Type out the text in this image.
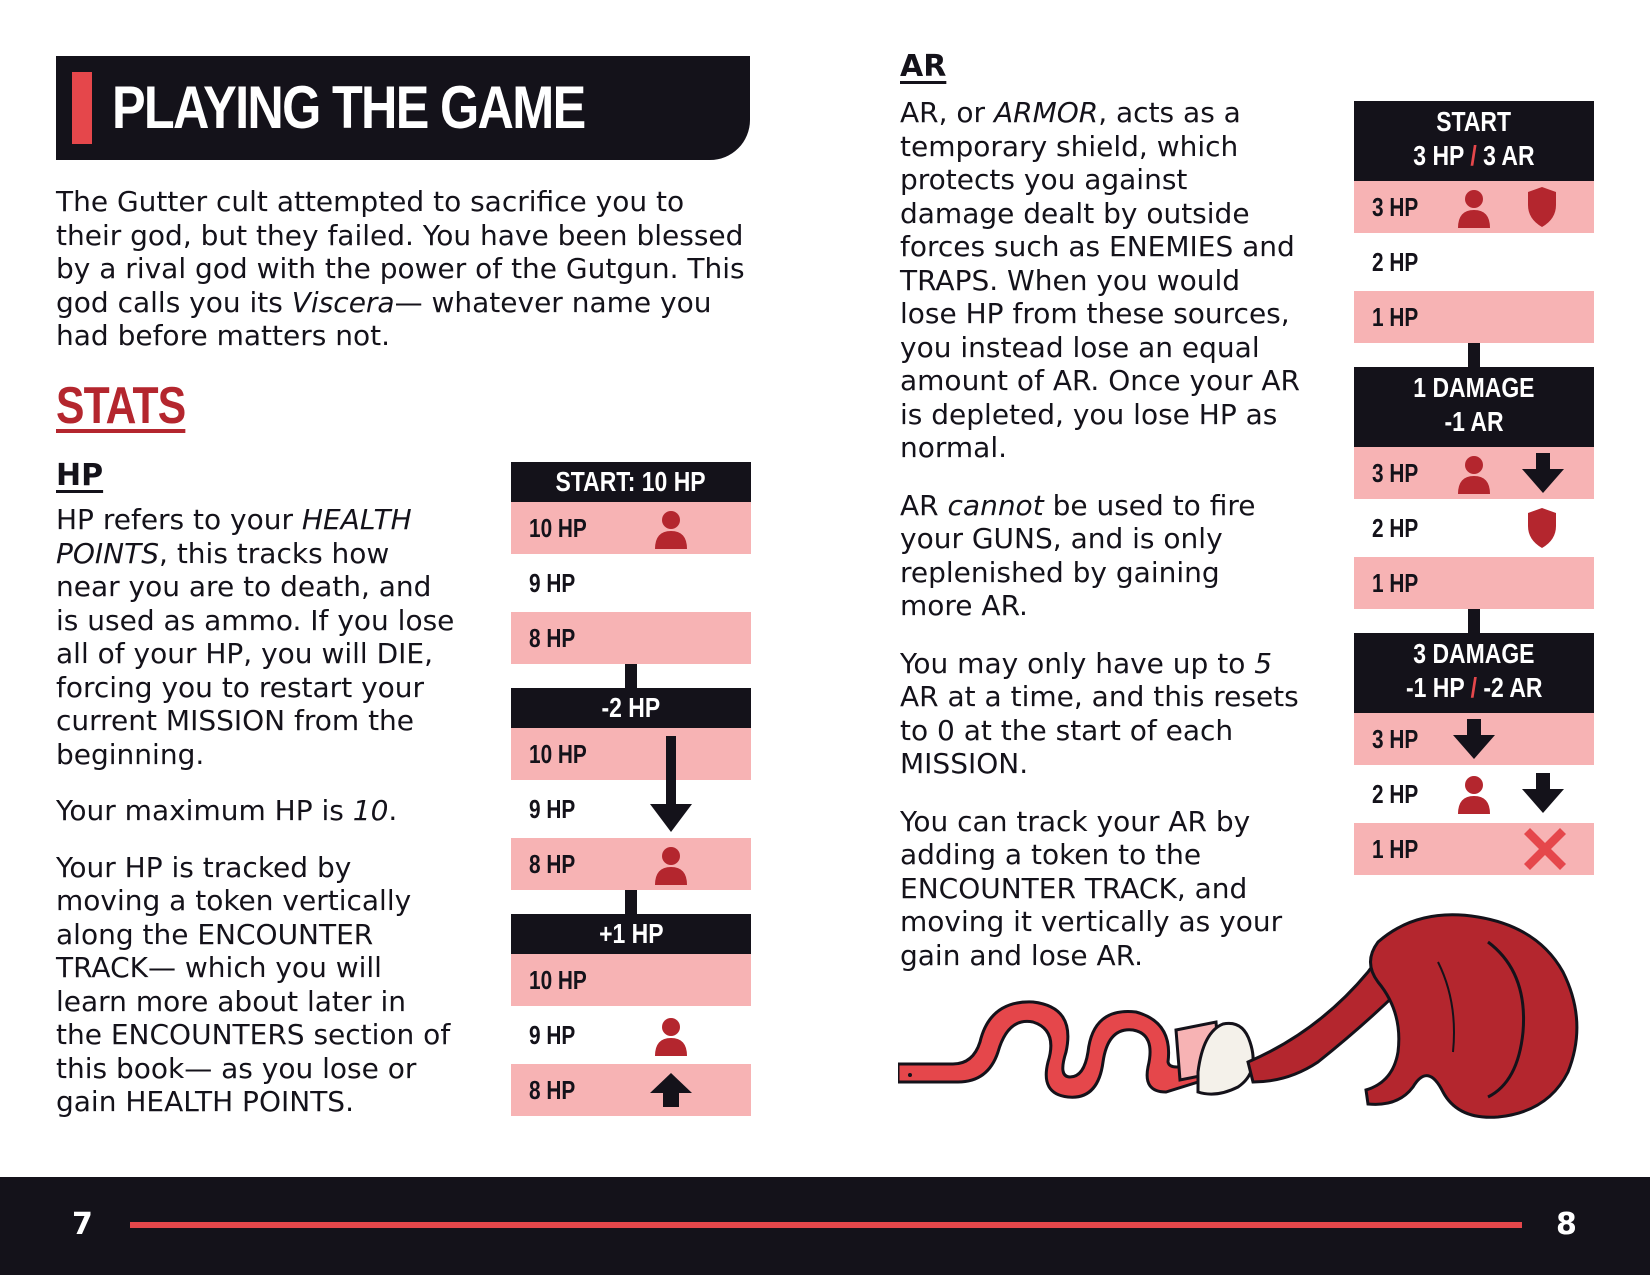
PLAYING THE GAME
The Gutter cult attempted to sacrifice you to their god, but they failed. You have been blessed by a rival god with the power of the Gutgun. This god calls you its Viscera— whatever name you had before matters not.
STATS
HP

HP refers to your HEALTH POINTS, this tracks how near you are to death, and is used as ammo. If you lose all of your HP, you will DIE, forcing you to restart your current MISSION from the beginning.

Your maximum HP is 10.

Your HP is tracked by moving a token vertically along the ENCOUNTER TRACK— which you will learn more about later in the ENCOUNTERS section of this book— as you lose or gain HEALTH POINTS.

START: 10 HP
10 HP
9 HP
8 HP
-2 HP
10 HP
9 HP
8 HP
+1 HP
10 HP
9 HP
8 HP
AR

AR, or ARMOR, acts as a temporary shield, which protects you against damage dealt by outside forces such as ENEMIES and TRAPS. When you would lose HP from these sources, you instead lose an equal amount of AR. Once your AR is depleted, you lose HP as normal.

AR cannot be used to fire your GUNS, and is only replenished by gaining more AR.

You may only have up to 5 AR at a time, and this resets to 0 at the start of each MISSION.

You can track your AR by adding a token to the ENCOUNTER TRACK, and moving it vertically as your gain and lose AR.

START
3 HP / 3 AR
3 HP
2 HP
1 HP
1 DAMAGE
-1 AR
3 HP
2 HP
1 HP
3 DAMAGE
-1 HP / -2 AR
3 HP
2 HP
1 HP
7	8
